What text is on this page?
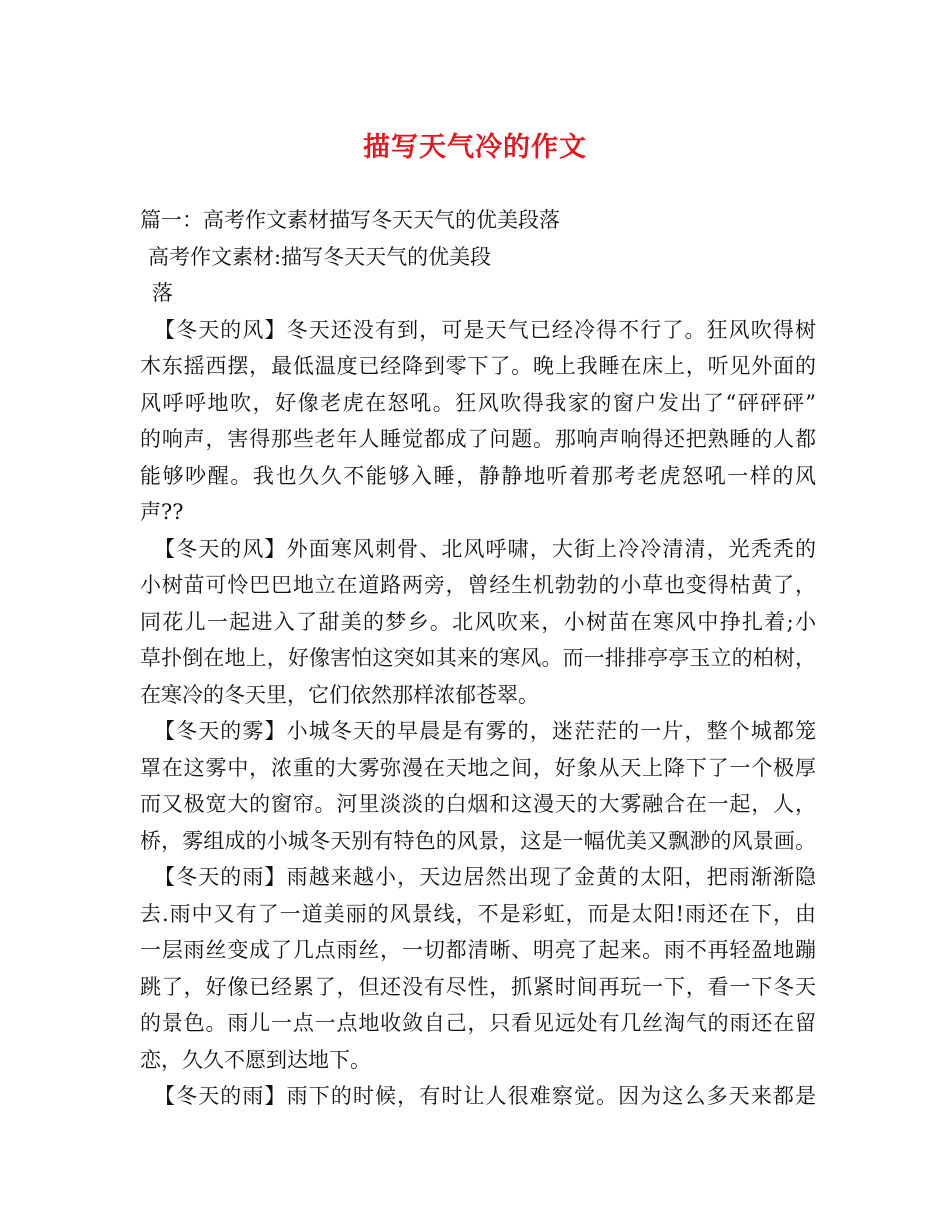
描写天气冷的作文
篇一：高考作文素材描写冬天天气的优美段落
高考作文素材:描写冬天天气的优美段
落
【冬天的风】冬天还没有到，可是天气已经冷得不行了。狂风吹得树
木东摇西摆，最低温度已经降到零下了。晚上我睡在床上，听见外面的
风呼呼地吹，好像老虎在怒吼。狂风吹得我家的窗户发出了“砰砰砰”
的响声，害得那些老年人睡觉都成了问题。那响声响得还把熟睡的人都
能够吵醒。我也久久不能够入睡，静静地听着那考老虎怒吼一样的风
声??
【冬天的风】外面寒风刺骨、北风呼啸，大街上冷冷清清，光秃秃的
小树苗可怜巴巴地立在道路两旁，曾经生机勃勃的小草也变得枯黄了，
同花儿一起进入了甜美的梦乡。北风吹来，小树苗在寒风中挣扎着;小
草扑倒在地上，好像害怕这突如其来的寒风。而一排排亭亭玉立的柏树，
在寒冷的冬天里，它们依然那样浓郁苍翠。
【冬天的雾】小城冬天的早晨是有雾的，迷茫茫的一片，整个城都笼
罩在这雾中，浓重的大雾弥漫在天地之间，好象从天上降下了一个极厚
而又极宽大的窗帘。河里淡淡的白烟和这漫天的大雾融合在一起，人，
桥，雾组成的小城冬天别有特色的风景，这是一幅优美又飘渺的风景画。
【冬天的雨】雨越来越小，天边居然出现了金黄的太阳，把雨渐渐隐
去.雨中又有了一道美丽的风景线，不是彩虹，而是太阳!雨还在下，由
一层雨丝变成了几点雨丝，一切都清晰、明亮了起来。雨不再轻盈地蹦
跳了，好像已经累了，但还没有尽性，抓紧时间再玩一下，看一下冬天
的景色。雨儿一点一点地收敛自己，只看见远处有几丝淘气的雨还在留
恋，久久不愿到达地下。
【冬天的雨】雨下的时候，有时让人很难察觉。因为这么多天来都是
